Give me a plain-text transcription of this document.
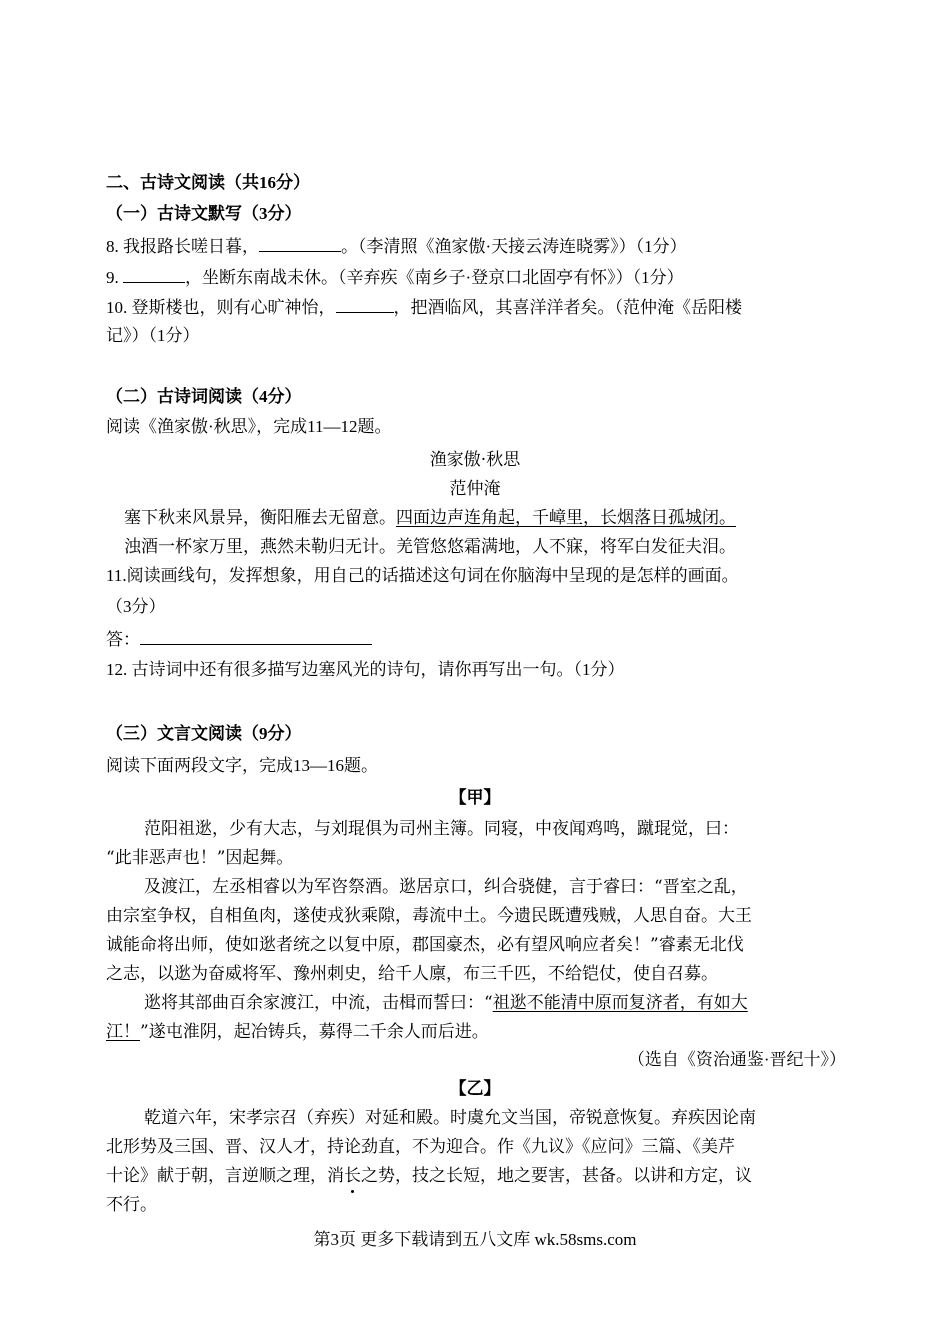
二、古诗文阅读（共16分）
（一）古诗文默写（3分）
8. 我报路长嗟日暮，	。（李清照《渔家傲·天接云涛连晓雾》）（1分）
9.	，坐断东南战未休。（辛弃疾《南乡子·登京口北固亭有怀》）（1分）
10. 登斯楼也，则有心旷神怡，	，把酒临风，其喜洋洋者矣。（范仲淹《岳阳楼
记》）（1分）
（二）古诗词阅读（4分）
阅读《渔家傲·秋思》，完成11—12题。
渔家傲·秋思
范仲淹
塞下秋来风景异，衡阳雁去无留意。四面边声连角起，千嶂里，长烟落日孤城闭。
浊酒一杯家万里，燕然未勒归无计。羌管悠悠霜满地，人不寐，将军白发征夫泪。
11.阅读画线句，发挥想象，用自己的话描述这句词在你脑海中呈现的是怎样的画面。
（3分）
答：
12. 古诗词中还有很多描写边塞风光的诗句，请你再写出一句。（1分）
（三）文言文阅读（9分）
阅读下面两段文字，完成13—16题。
【甲】
范阳祖逖，少有大志，与刘琨俱为司州主簿。同寝，中夜闻鸡鸣，蹴琨觉，曰：
“此非恶声也！”因起舞。
及渡江，左丞相睿以为军咨祭酒。逖居京口，纠合骁健，言于睿曰：“晋室之乱，
由宗室争权，自相鱼肉，遂使戎狄乘隙，毒流中土。今遗民既遭残贼，人思自奋。大王
诚能命将出师，使如逖者统之以复中原，郡国豪杰，必有望风响应者矣！”睿素无北伐
之志，以逖为奋威将军、豫州刺史，给千人廪，布三千匹，不给铠仗，使自召募。
逖将其部曲百余家渡江，中流，击楫而誓曰：“祖逖不能清中原而复济者，有如大
江！”遂屯淮阴，起冶铸兵，募得二千余人而后进。
（选自《资治通鉴·晋纪十》）
【乙】
乾道六年，宋孝宗召（弃疾）对延和殿。时虞允文当国，帝锐意恢复。弃疾因论南
北形势及三国、晋、汉人才，持论劲直，不为迎合。作《九议》《应问》三篇、《美芹
十论》献于朝，言逆顺之理，消长之势，技之长短，地之要害，甚备。以讲和方定，议
不行。
第3页 更多下载请到五八文库 wk.58sms.com
